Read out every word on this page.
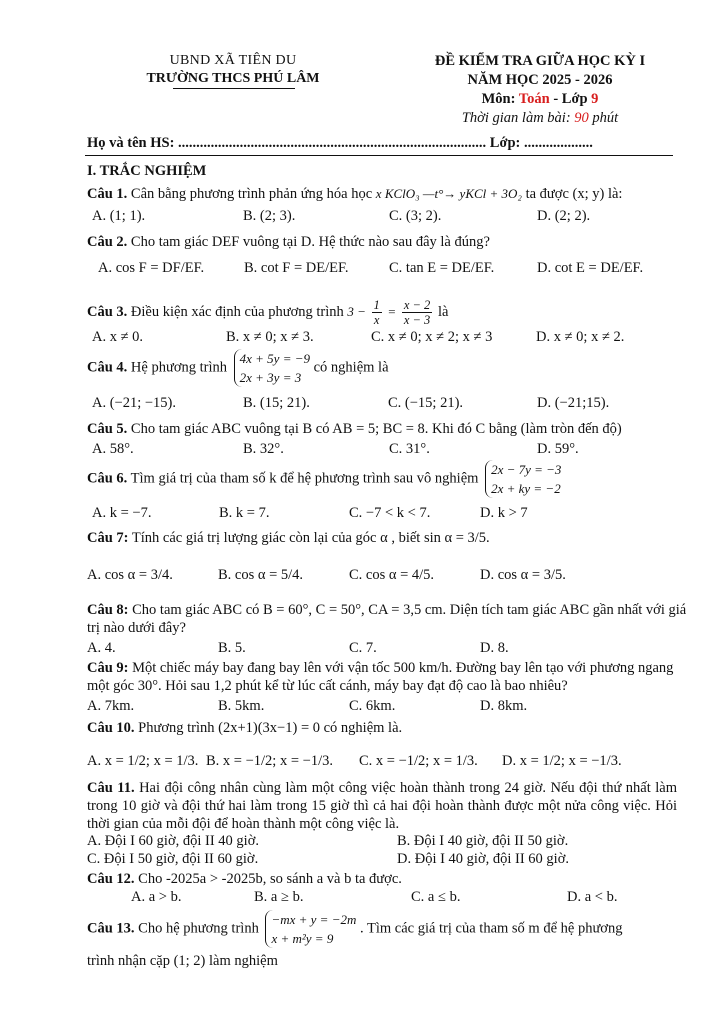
UBND XÃ TIÊN DU
TRƯỜNG THCS PHÚ LÂM
ĐỀ KIỂM TRA GIỮA HỌC KỲ I
NĂM HỌC 2025 - 2026
Môn: Toán - Lớp 9
Thời gian làm bài: 90 phút
Họ và tên HS: ..................................................................................... Lớp: ...................
I. TRẮC NGHIỆM
Câu 1. Cân bằng phương trình phản ứng hóa học x KClO₃ —t°→ yKCl + 3O₂ ta được (x; y) là:
A. (1; 1).	B. (2; 3).	C. (3; 2).	D. (2; 2).
Câu 2. Cho tam giác DEF vuông tại D. Hệ thức nào sau đây là đúng?
A. cos F = DF/EF.	B. cot F = DE/EF.	C. tan E = DE/EF.	D. cot E = DE/EF.
Câu 3. Điều kiện xác định của phương trình $3 - \frac{1}{x} = \frac{x - 2}{x - 3}$ là
A. x ≠ 0.	B. x ≠ 0; x ≠ 3.	C. x ≠ 0; x ≠ 2; x ≠ 3	D. x ≠ 0; x ≠ 2.
Câu 4. Hệ phương trình
4x + 5y = −9
2x + 3y = 3
có nghiệm là
A. (−21; −15).	B. (15; 21).	C. (−15; 21).	D. (−21;15).
Câu 5. Cho tam giác ABC vuông tại B có AB = 5; BC = 8. Khi đó C bằng (làm tròn đến độ)
A. 58°.	B. 32°.	C. 31°.	D. 59°.
Câu 6. Tìm giá trị của tham số k để hệ phương trình sau vô nghiệm
2x − 7y = −3
2x + ky = −2
A. k = −7.	B. k = 7.	C. −7 < k < 7.	D. k > 7
Câu 7: Tính các giá trị lượng giác còn lại của góc α , biết sin α = 3/5.
A. cos α = 3/4.	B. cos α = 5/4.	C. cos α = 4/5.	D. cos α = 3/5.
Câu 8: Cho tam giác ABC có B = 60°, C = 50°, CA = 3,5 cm. Diện tích tam giác ABC gần nhất với giá trị nào dưới đây?
A. 4.	B. 5.	C. 7.	D. 8.
Câu 9: Một chiếc máy bay đang bay lên với vận tốc 500 km/h. Đường bay lên tạo với phương ngang một góc 30°. Hỏi sau 1,2 phút kể từ lúc cất cánh, máy bay đạt độ cao là bao nhiêu?
A. 7km.	B. 5km.	C. 6km.	D. 8km.
Câu 10. Phương trình (2x+1)(3x−1) = 0 có nghiệm là.
A. x = 1/2; x = 1/3. B. x = −1/2; x = −1/3. C. x = −1/2; x = 1/3. D. x = 1/2; x = −1/3.
Câu 11. Hai đội công nhân cùng làm một công việc hoàn thành trong 24 giờ. Nếu đội thứ nhất làm trong 10 giờ và đội thứ hai làm trong 15 giờ thì cả hai đội hoàn thành được một nửa công việc. Hỏi thời gian của mỗi đội để hoàn thành một công việc là.
A. Đội I 60 giờ, đội II 40 giờ.	B. Đội I 40 giờ, đội II 50 giờ.
C. Đội I 50 giờ, đội II 60 giờ.	D. Đội I 40 giờ, đội II 60 giờ.
Câu 12. Cho -2025a > -2025b, so sánh a và b ta được.
A. a > b.	B. a ≥ b.	C. a ≤ b.	D. a < b.
Câu 13. Cho hệ phương trình
−mx + y = −2m
x + m²y = 9
. Tìm các giá trị của tham số m để hệ phương
trình nhận cặp (1; 2) làm nghiệm
